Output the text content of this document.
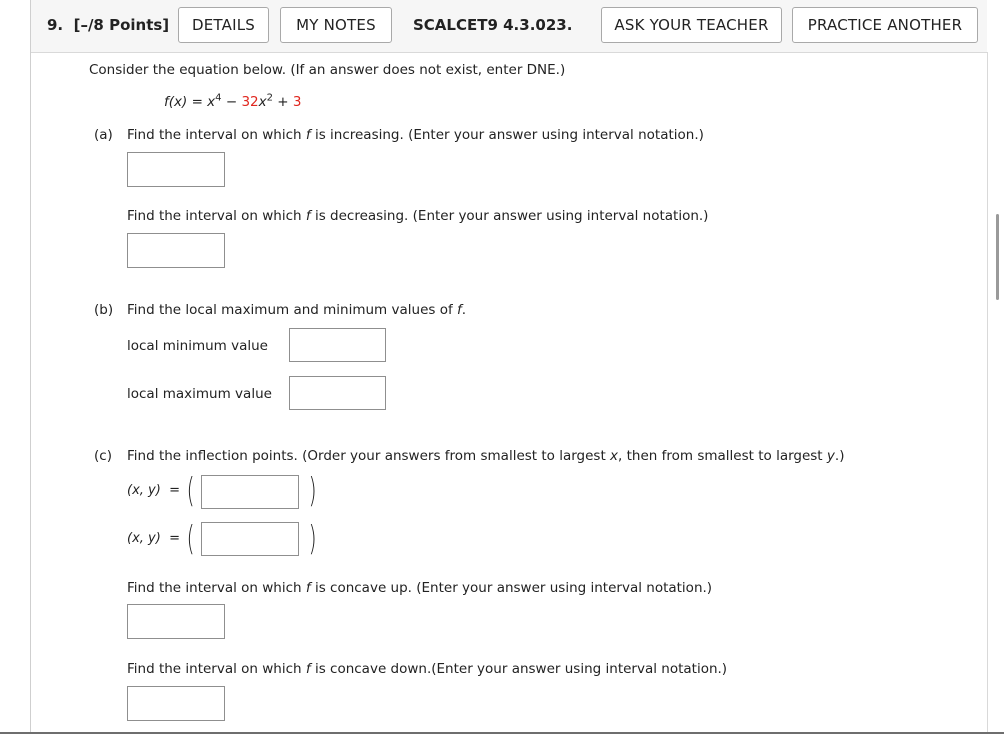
9. [–/8 Points]	DETAILS	MY NOTES	SCALCET9 4.3.023.	ASK YOUR TEACHER	PRACTICE ANOTHER
Consider the equation below. (If an answer does not exist, enter DNE.)
$f(x) = x^4 - 32x^2 + 3$
(a) Find the interval on which f is increasing. (Enter your answer using interval notation.)
Find the interval on which f is decreasing. (Enter your answer using interval notation.)
(b) Find the local maximum and minimum values of f.
local minimum value
local maximum value
(c) Find the inflection points. (Order your answers from smallest to largest x, then from smallest to largest y.)
(x, y) = (	)
(x, y) = (	)
Find the interval on which f is concave up. (Enter your answer using interval notation.)
Find the interval on which f is concave down.(Enter your answer using interval notation.)
